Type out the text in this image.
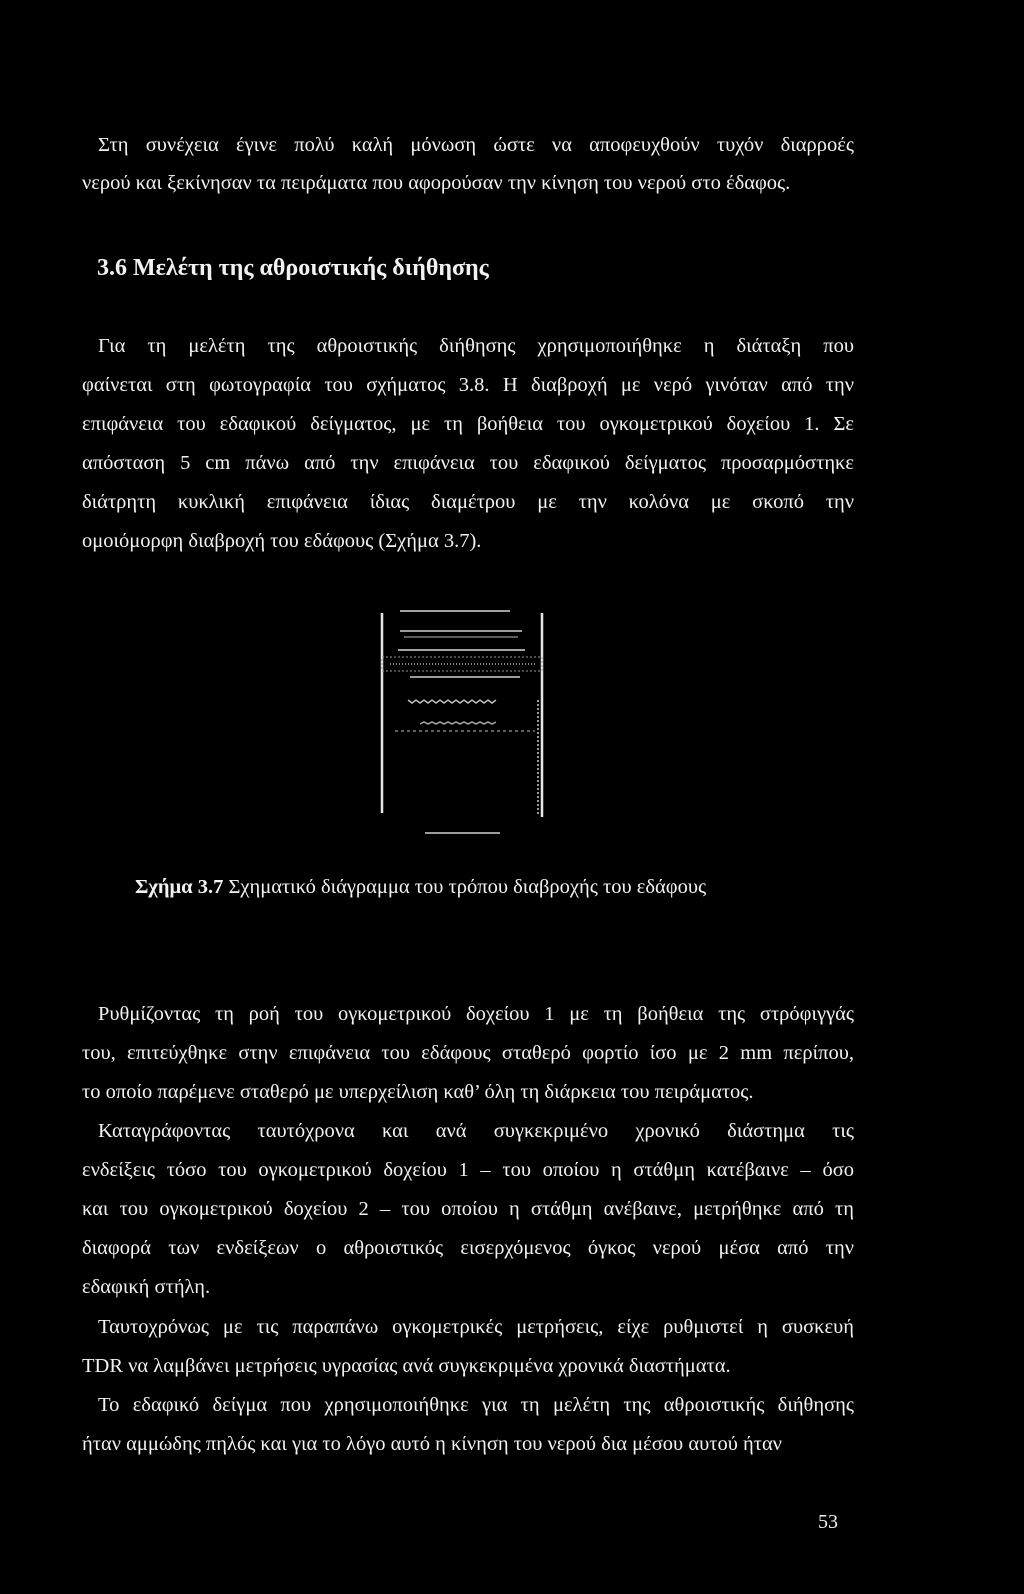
Στη συνέχεια έγινε πολύ καλή μόνωση ώστε να αποφευχθούν τυχόν διαρροές
νερού και ξεκίνησαν τα πειράματα που αφορούσαν την κίνηση του νερού στο έδαφος.
3.6 Μελέτη της αθροιστικής διήθησης
Για τη μελέτη της αθροιστικής διήθησης χρησιμοποιήθηκε η διάταξη που
φαίνεται στη φωτογραφία του σχήματος 3.8. Η διαβροχή με νερό γινόταν από την
επιφάνεια του εδαφικού δείγματος, με τη βοήθεια του ογκομετρικού δοχείου 1. Σε
απόσταση 5 cm πάνω από την επιφάνεια του εδαφικού δείγματος προσαρμόστηκε
διάτρητη κυκλική επιφάνεια ίδιας διαμέτρου με την κολόνα με σκοπό την
ομοιόμορφη διαβροχή του εδάφους (Σχήμα 3.7).
Σχήμα 3.7 Σχηματικό διάγραμμα του τρόπου διαβροχής του εδάφους
Ρυθμίζοντας τη ροή του ογκομετρικού δοχείου 1 με τη βοήθεια της στρόφιγγάς
του, επιτεύχθηκε στην επιφάνεια του εδάφους σταθερό φορτίο ίσο με 2 mm περίπου,
το οποίο παρέμενε σταθερό με υπερχείλιση καθ’ όλη τη διάρκεια του πειράματος.
Καταγράφοντας ταυτόχρονα και ανά συγκεκριμένο χρονικό διάστημα τις
ενδείξεις τόσο του ογκομετρικού δοχείου 1 – του οποίου η στάθμη κατέβαινε – όσο
και του ογκομετρικού δοχείου 2 – του οποίου η στάθμη ανέβαινε, μετρήθηκε από τη
διαφορά των ενδείξεων ο αθροιστικός εισερχόμενος όγκος νερού μέσα από την
εδαφική στήλη.
Ταυτοχρόνως με τις παραπάνω ογκομετρικές μετρήσεις, είχε ρυθμιστεί η συσκευή
TDR να λαμβάνει μετρήσεις υγρασίας ανά συγκεκριμένα χρονικά διαστήματα.
Το εδαφικό δείγμα που χρησιμοποιήθηκε για τη μελέτη της αθροιστικής διήθησης
ήταν αμμώδης πηλός και για το λόγο αυτό η κίνηση του νερού δια μέσου αυτού ήταν
53
